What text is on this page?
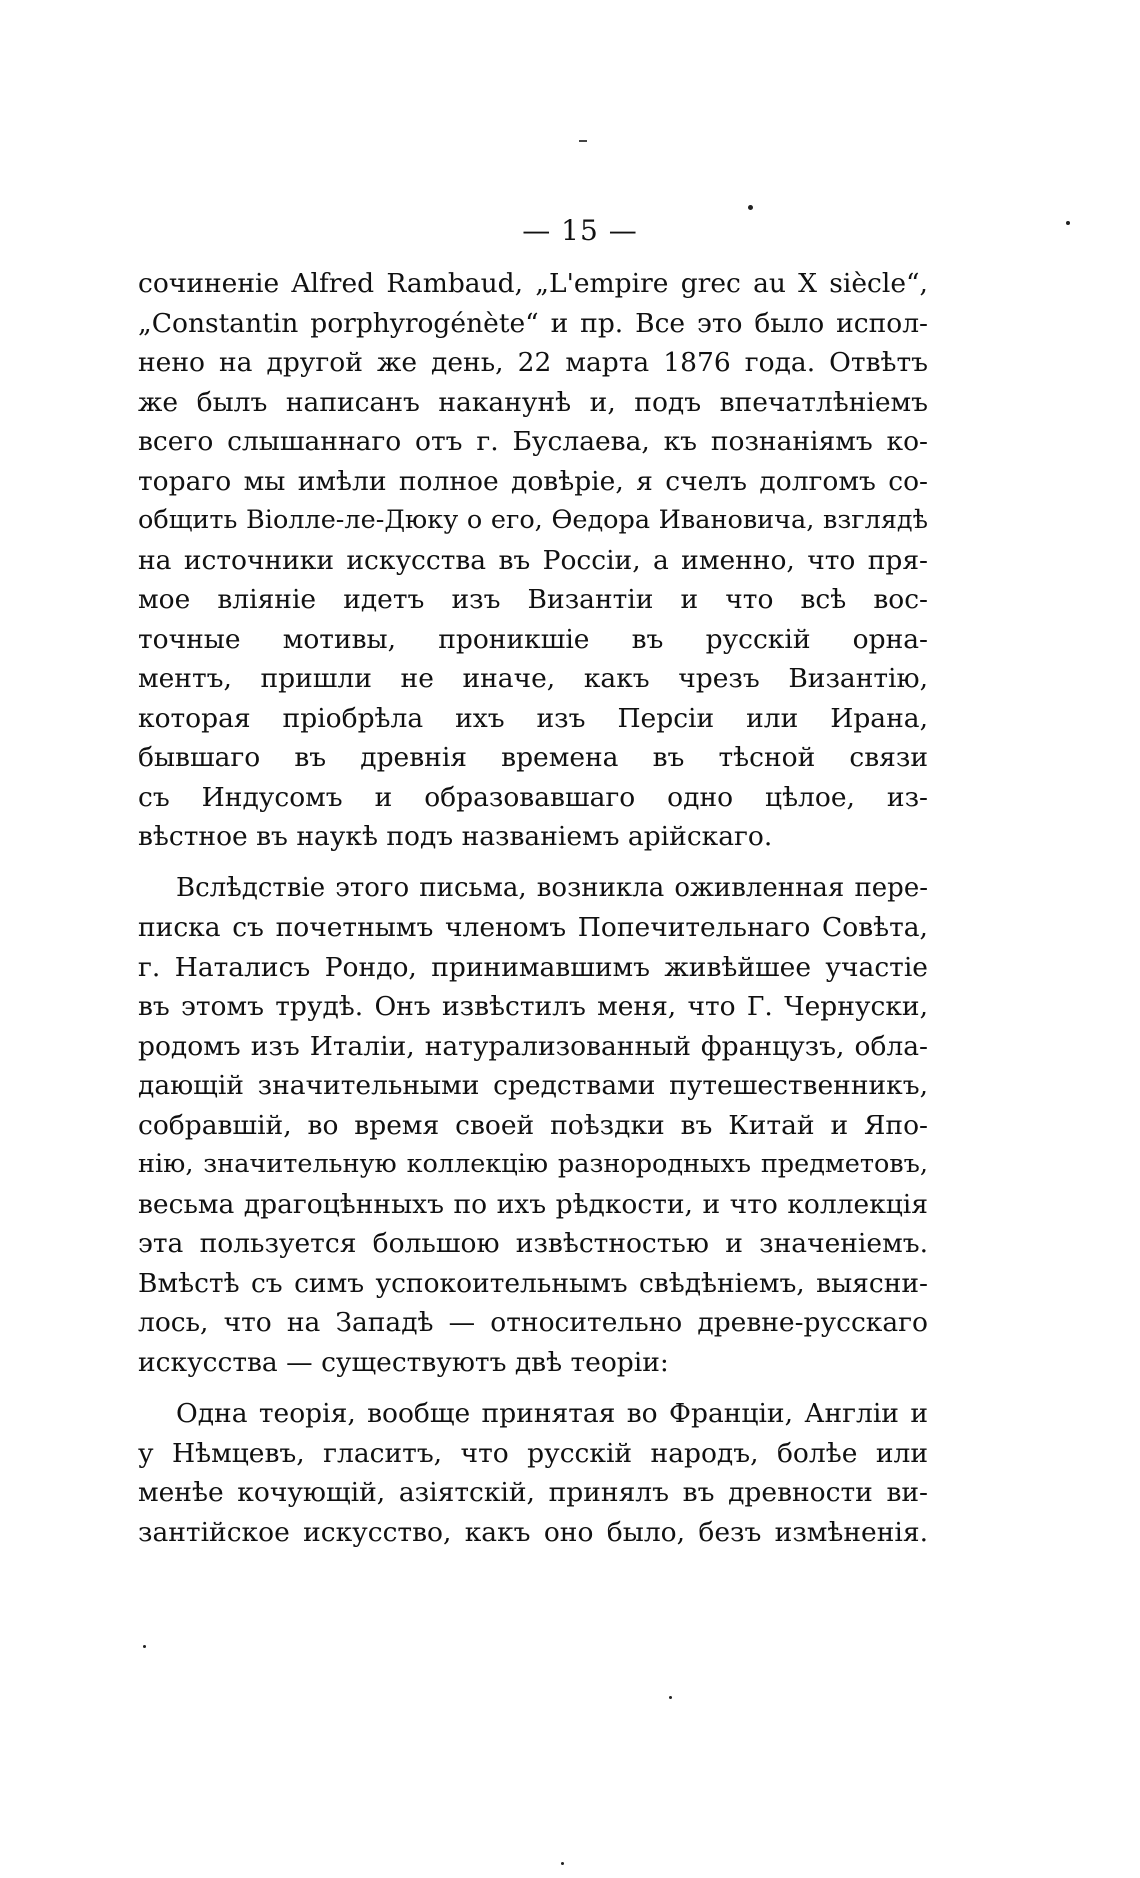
— 15 —
сочиненіе Alfred Rambaud, „L'empire grec au X siècle“,
„Constantin porphyrogénète“ и пр. Все это было испол-
нено на другой же день, 22 марта 1876 года. Отвѣтъ
же былъ написанъ наканунѣ и, подъ впечатлѣніемъ
всего слышаннаго отъ г. Буслаева, къ познаніямъ ко-
тораго мы имѣли полное довѣріе, я счелъ долгомъ со-
общить Віолле-ле-Дюку о его, Ѳедора Ивановича, взглядѣ
на источники искусства въ Россіи, а именно, что пря-
мое вліяніе идетъ изъ Византіи и что всѣ вос-
точные мотивы, проникшіе въ русскій орна-
ментъ, пришли не иначе, какъ чрезъ Византію,
которая пріобрѣла ихъ изъ Персіи или Ирана,
бывшаго въ древнія времена въ тѣсной связи
съ Индусомъ и образовавшаго одно цѣлое, из-
вѣстное въ наукѣ подъ названіемъ арійскаго.
Вслѣдствіе этого письма, возникла оживленная пере-
писка съ почетнымъ членомъ Попечительнаго Совѣта,
г. Наталисъ Рондо, принимавшимъ живѣйшее участіе
въ этомъ трудѣ. Онъ извѣстилъ меня, что Г. Чернуски,
родомъ изъ Италіи, натурализованный французъ, обла-
дающій значительными средствами путешественникъ,
собравшій, во время своей поѣздки въ Китай и Япо-
нію, значительную коллекцію разнородныхъ предметовъ,
весьма драгоцѣнныхъ по ихъ рѣдкости, и что коллекція
эта пользуется большою извѣстностью и значеніемъ.
Вмѣстѣ съ симъ успокоительнымъ свѣдѣніемъ, выясни-
лось, что на Западѣ — относительно древне-русскаго
искусства — существуютъ двѣ теоріи:
Одна теорія, вообще принятая во Франціи, Англіи и
у Нѣмцевъ, гласитъ, что русскій народъ, болѣе или
менѣе кочующій, азіятскій, принялъ въ древности ви-
зантійское искусство, какъ оно было, безъ измѣненія.
